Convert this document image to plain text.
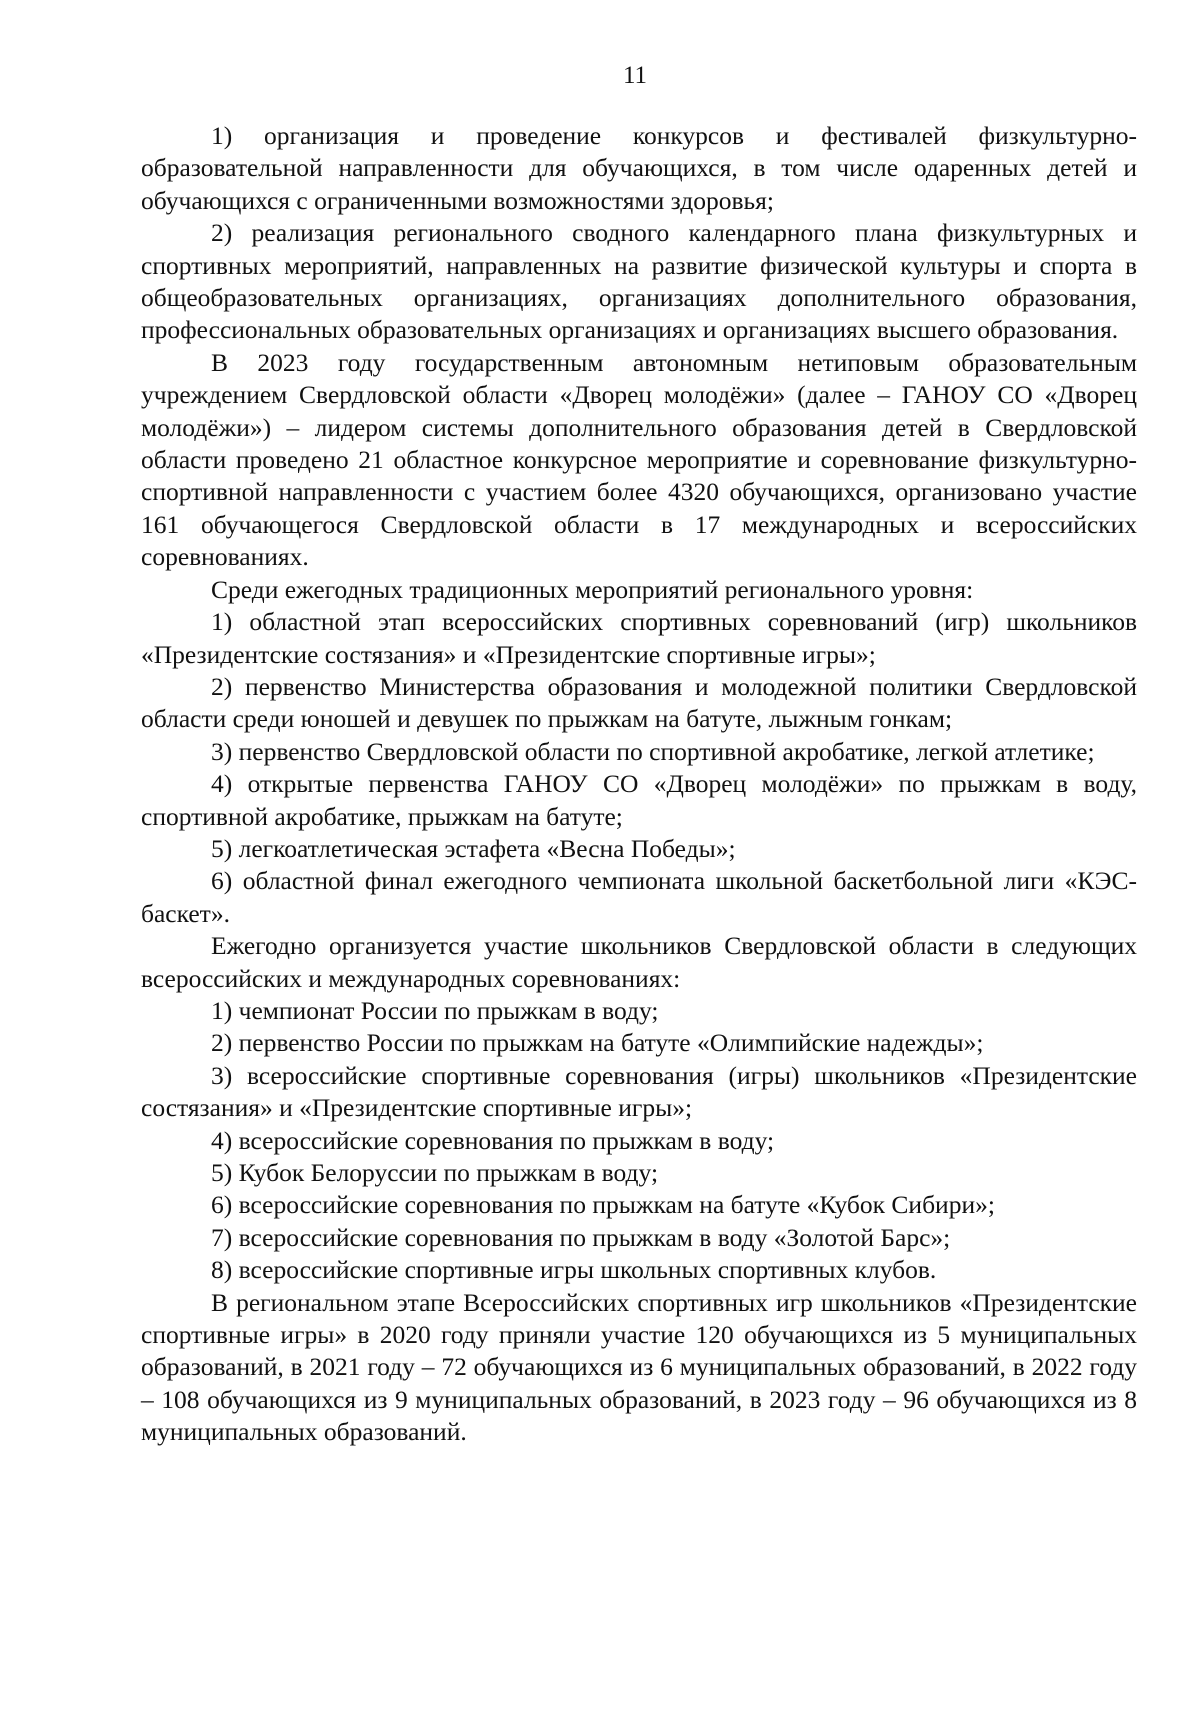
11

1) организация и проведение конкурсов и фестивалей физкультурно-образовательной направленности для обучающихся, в том числе одаренных детей и обучающихся с ограниченными возможностями здоровья;

2) реализация регионального сводного календарного плана физкультурных и спортивных мероприятий, направленных на развитие физической культуры и спорта в общеобразовательных организациях, организациях дополнительного образования, профессиональных образовательных организациях и организациях высшего образования.

В 2023 году государственным автономным нетиповым образовательным учреждением Свердловской области «Дворец молодёжи» (далее – ГАНОУ СО «Дворец молодёжи») – лидером системы дополнительного образования детей в Свердловской области проведено 21 областное конкурсное мероприятие и соревнование физкультурно-спортивной направленности с участием более 4320 обучающихся, организовано участие 161 обучающегося Свердловской области в 17 международных и всероссийских соревнованиях.

Среди ежегодных традиционных мероприятий регионального уровня:

1) областной этап всероссийских спортивных соревнований (игр) школьников «Президентские состязания» и «Президентские спортивные игры»;

2) первенство Министерства образования и молодежной политики Свердловской области среди юношей и девушек по прыжкам на батуте, лыжным гонкам;

3) первенство Свердловской области по спортивной акробатике, легкой атлетике;

4) открытые первенства ГАНОУ СО «Дворец молодёжи» по прыжкам в воду, спортивной акробатике, прыжкам на батуте;

5) легкоатлетическая эстафета «Весна Победы»;

6) областной финал ежегодного чемпионата школьной баскетбольной лиги «КЭС-баскет».

Ежегодно организуется участие школьников Свердловской области в следующих всероссийских и международных соревнованиях:

1) чемпионат России по прыжкам в воду;

2) первенство России по прыжкам на батуте «Олимпийские надежды»;

3) всероссийские спортивные соревнования (игры) школьников «Президентские состязания» и «Президентские спортивные игры»;

4) всероссийские соревнования по прыжкам в воду;

5) Кубок Белоруссии по прыжкам в воду;

6) всероссийские соревнования по прыжкам на батуте «Кубок Сибири»;

7) всероссийские соревнования по прыжкам в воду «Золотой Барс»;

8) всероссийские спортивные игры школьных спортивных клубов.

В региональном этапе Всероссийских спортивных игр школьников «Президентские спортивные игры» в 2020 году приняли участие 120 обучающихся из 5 муниципальных образований, в 2021 году – 72 обучающихся из 6 муниципальных образований, в 2022 году – 108 обучающихся из 9 муниципальных образований, в 2023 году – 96 обучающихся из 8 муниципальных образований.
